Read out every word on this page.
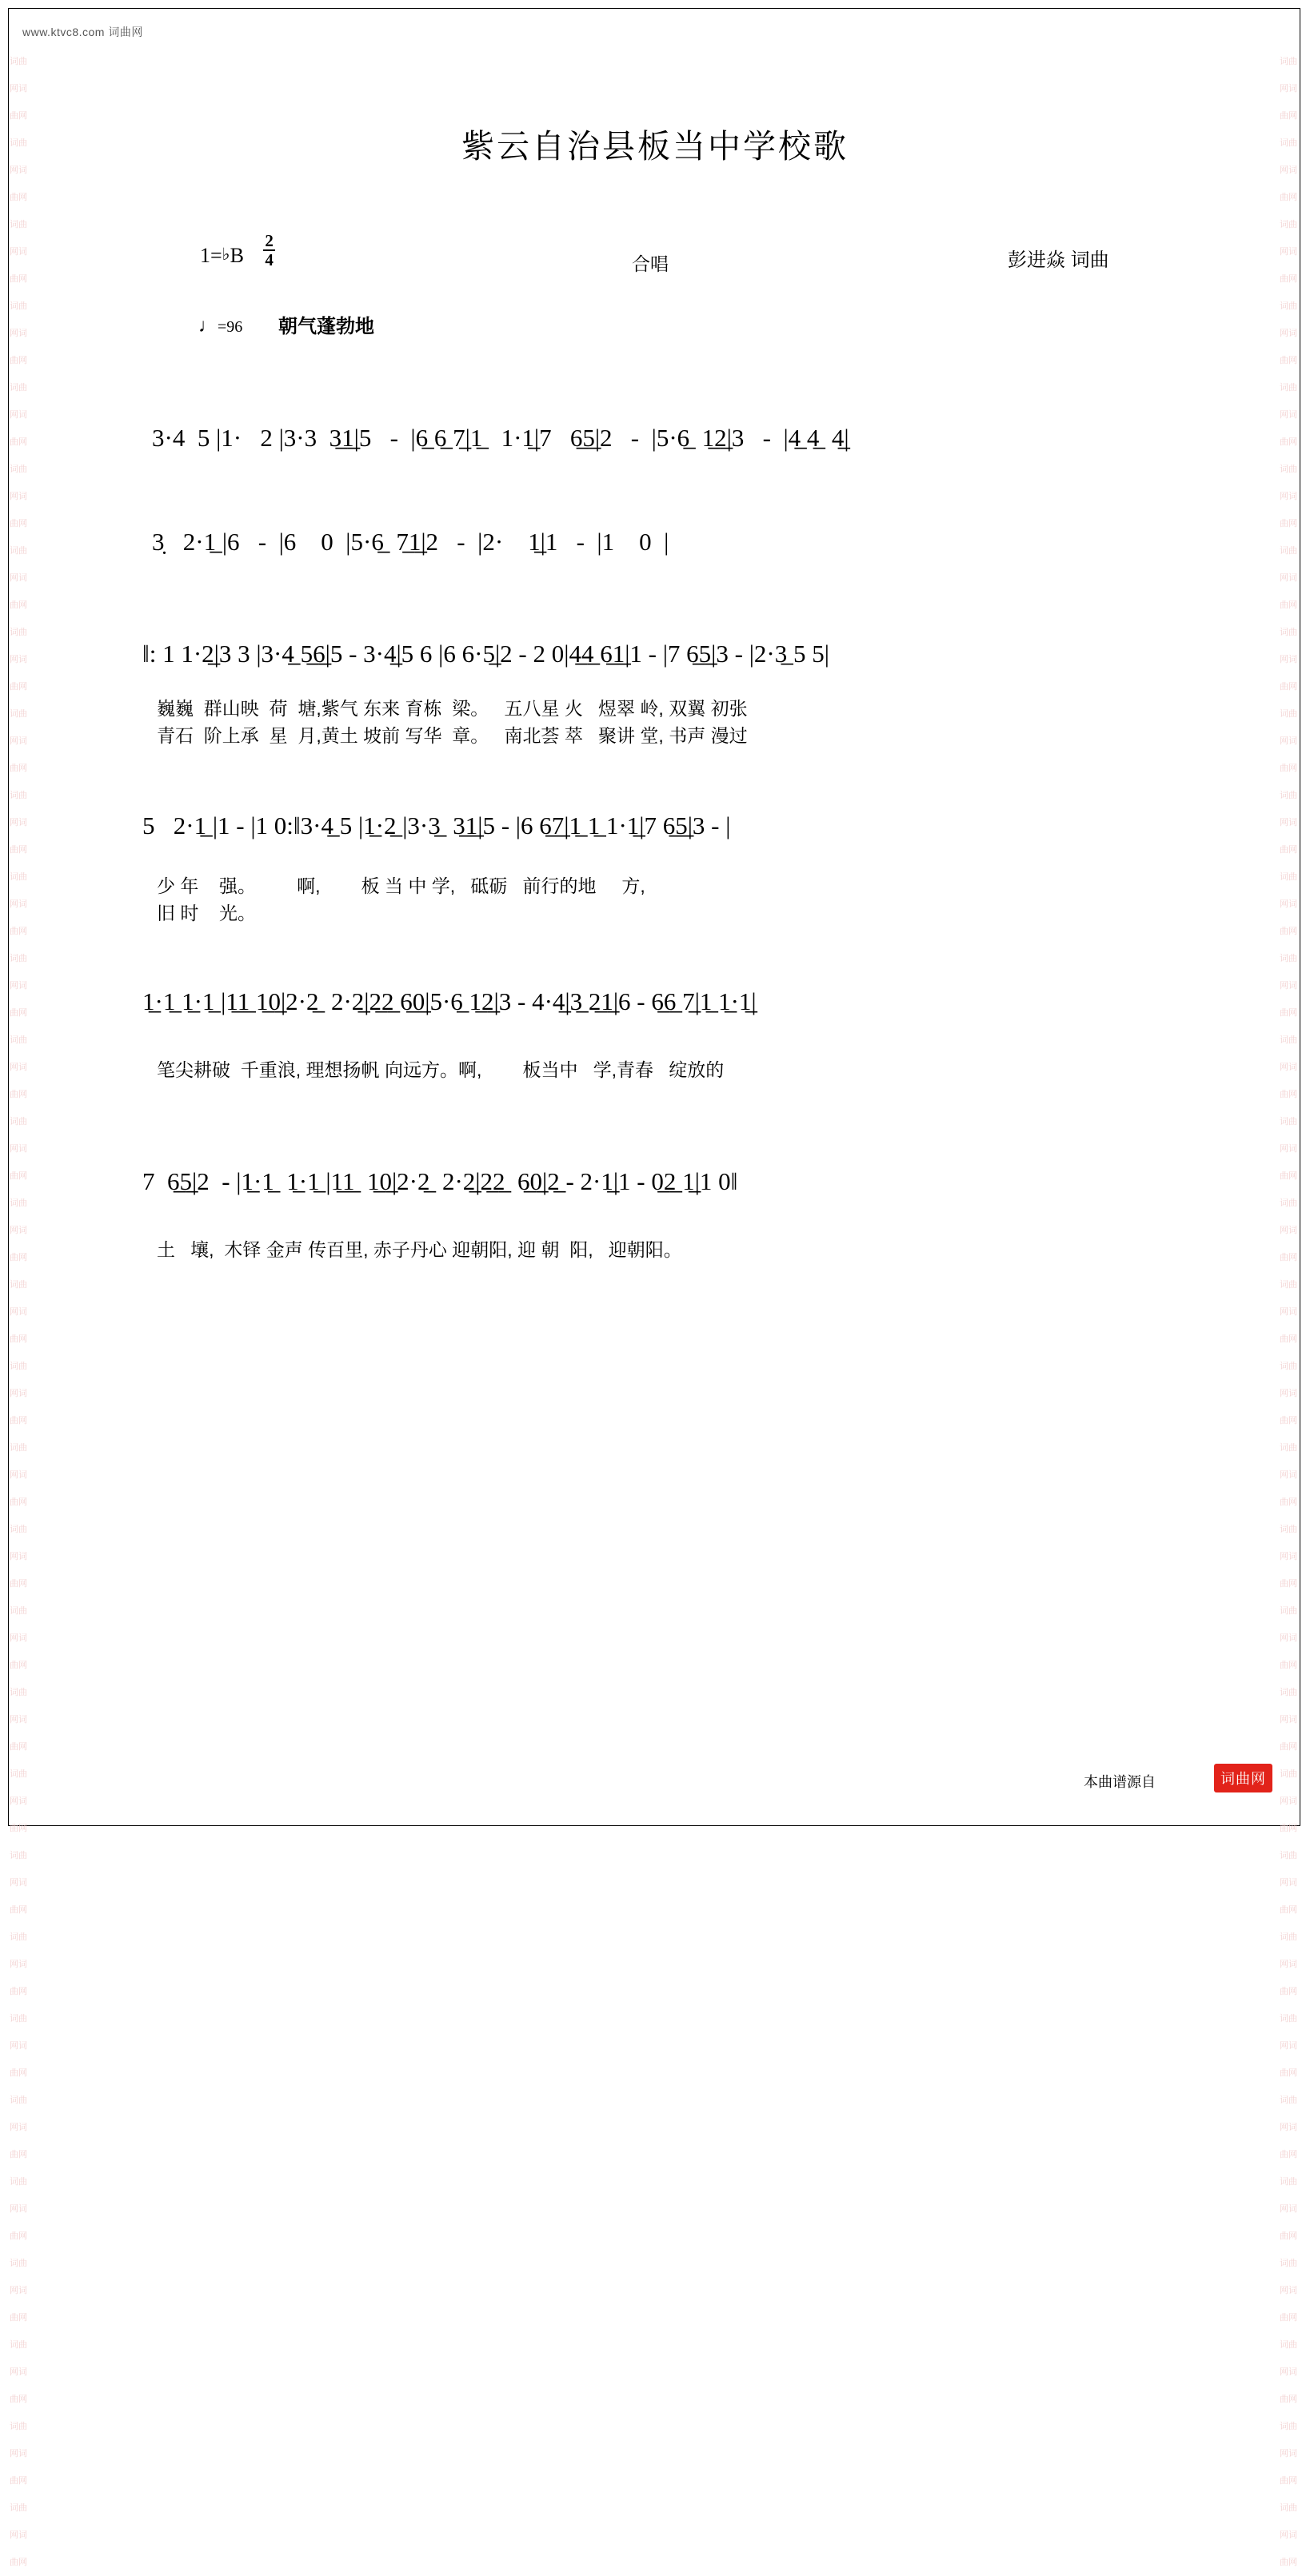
www.ktvc8.com 词曲网
词曲网词曲网词曲网词曲网词曲网词曲网词曲网词曲网词曲网词曲网词曲网词曲网词曲网词曲网词曲网词曲网词曲网词曲网词曲网词曲网词曲网词曲网词曲网词曲网词曲网词曲网词曲网词曲网词曲网词曲网词曲网词曲网词曲网词曲网词曲网词曲网词曲网词曲网词曲网词曲网词曲网词曲网词曲网词曲网词曲网词曲网词曲网词曲网词曲网词曲网词曲网词曲网词曲网词曲网词曲网词曲网词曲网词曲网词曲网词曲网词曲网词曲网
词曲网词曲网词曲网词曲网词曲网词曲网词曲网词曲网词曲网词曲网词曲网词曲网词曲网词曲网词曲网词曲网词曲网词曲网词曲网词曲网词曲网词曲网词曲网词曲网词曲网词曲网词曲网词曲网词曲网词曲网词曲网词曲网词曲网词曲网词曲网词曲网词曲网词曲网词曲网词曲网词曲网词曲网词曲网词曲网词曲网词曲网词曲网词曲网词曲网词曲网词曲网词曲网词曲网词曲网词曲网词曲网词曲网词曲网词曲网词曲网词曲网词曲网
紫云自治县板当中学校歌
1=♭B $\frac{2}{4}$	合唱	彭进焱 词曲
♩=96 朝气蓬勃地
3·4  5 |1·   2 |3·3  3̲1̲|5   -  |6̲ 6̲ 7̲|1̲   1·1̲|7   6̲5̲|2   -  |5·6̲  1̲2̲|3   -  |4̲ 4̲  4̲|
3̣   2·1̲ |6   -  |6    0  |5·6̲  7̲1̲|2   -  |2·    1̲|1   -  |1    0  |
‖: 1 1·2̲|3 3 |3·4̲ 5̲6̲|5 - 3·4̲|5 6 |6 6·5̲|2 - 2 0|4̲4̲ 6̲1̲|1 - |7 6̲5̲|3 - |2·3̲ 5 5|
巍巍  群山映  荷  塘,紫气 东来 育栋  梁。   五八星 火   煜翠 岭, 双翼 初张
青石  阶上承  星  月,黄土 坡前 写华  章。   南北荟 萃   聚讲 堂, 书声 漫过
5   2·1̲ |1 - |1 0:‖3·4̲ 5 |1̲·2̲ |3·3̲  3̲1̲|5 - |6 6̲7̲|1̲ 1̲ 1·1̲|7 6̲5̲|3 - |
少 年    强。        啊,        板 当 中 学,   砥砺   前行的地     方,
旧 时    光。
1̲·1̲ 1̲·1̲ |1̲1̲ 1̲0̲|2·2̲  2·2̲|2̲2̲ 6̲0̲|5·6̲ 1̲2̲|3 - 4·4̲|3̲ 2̲1̲|6 - 6̲6̲ 7̲|1̲ 1̲·1̲|
笔尖耕破  千重浪, 理想扬帆 向远方。啊,        板当中   学,青春   绽放的
7  6̲5̲|2  - |1̲·1̲  1̲·1̲ |1̲1̲  1̲0̲|2·2̲  2·2̲|2̲2̲  6̲0̲|2̲ - 2·1̲|1 - 0̲2̲ 1̲|1 0‖
土   壤,  木铎 金声 传百里, 赤子丹心 迎朝阳, 迎 朝  阳,   迎朝阳。
本曲谱源自	词曲网
